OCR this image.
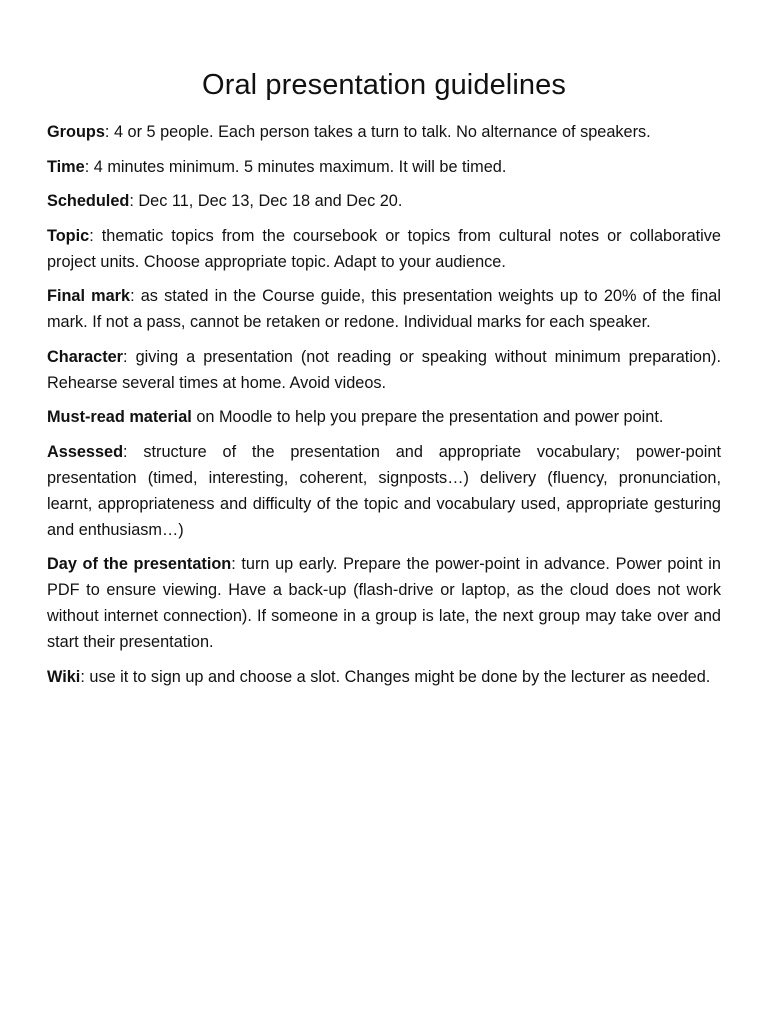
Oral presentation guidelines

Groups: 4 or 5 people. Each person takes a turn to talk. No alternance of speakers.

Time: 4 minutes minimum. 5 minutes maximum. It will be timed.

Scheduled: Dec 11, Dec 13, Dec 18 and Dec 20.

Topic: thematic topics from the coursebook or topics from cultural notes or collaborative project units. Choose appropriate topic. Adapt to your audience.

Final mark: as stated in the Course guide, this presentation weights up to 20% of the final mark. If not a pass, cannot be retaken or redone. Individual marks for each speaker.

Character: giving a presentation (not reading or speaking without minimum preparation). Rehearse several times at home. Avoid videos.

Must-read material on Moodle to help you prepare the presentation and power point.

Assessed: structure of the presentation and appropriate vocabulary; power-point presentation (timed, interesting, coherent, signposts…) delivery (fluency, pronunciation, learnt, appropriateness and difficulty of the topic and vocabulary used, appropriate gesturing and enthusiasm…)

Day of the presentation: turn up early. Prepare the power-point in advance. Power point in PDF to ensure viewing. Have a back-up (flash-drive or laptop, as the cloud does not work without internet connection). If someone in a group is late, the next group may take over and start their presentation.

Wiki: use it to sign up and choose a slot. Changes might be done by the lecturer as needed.
